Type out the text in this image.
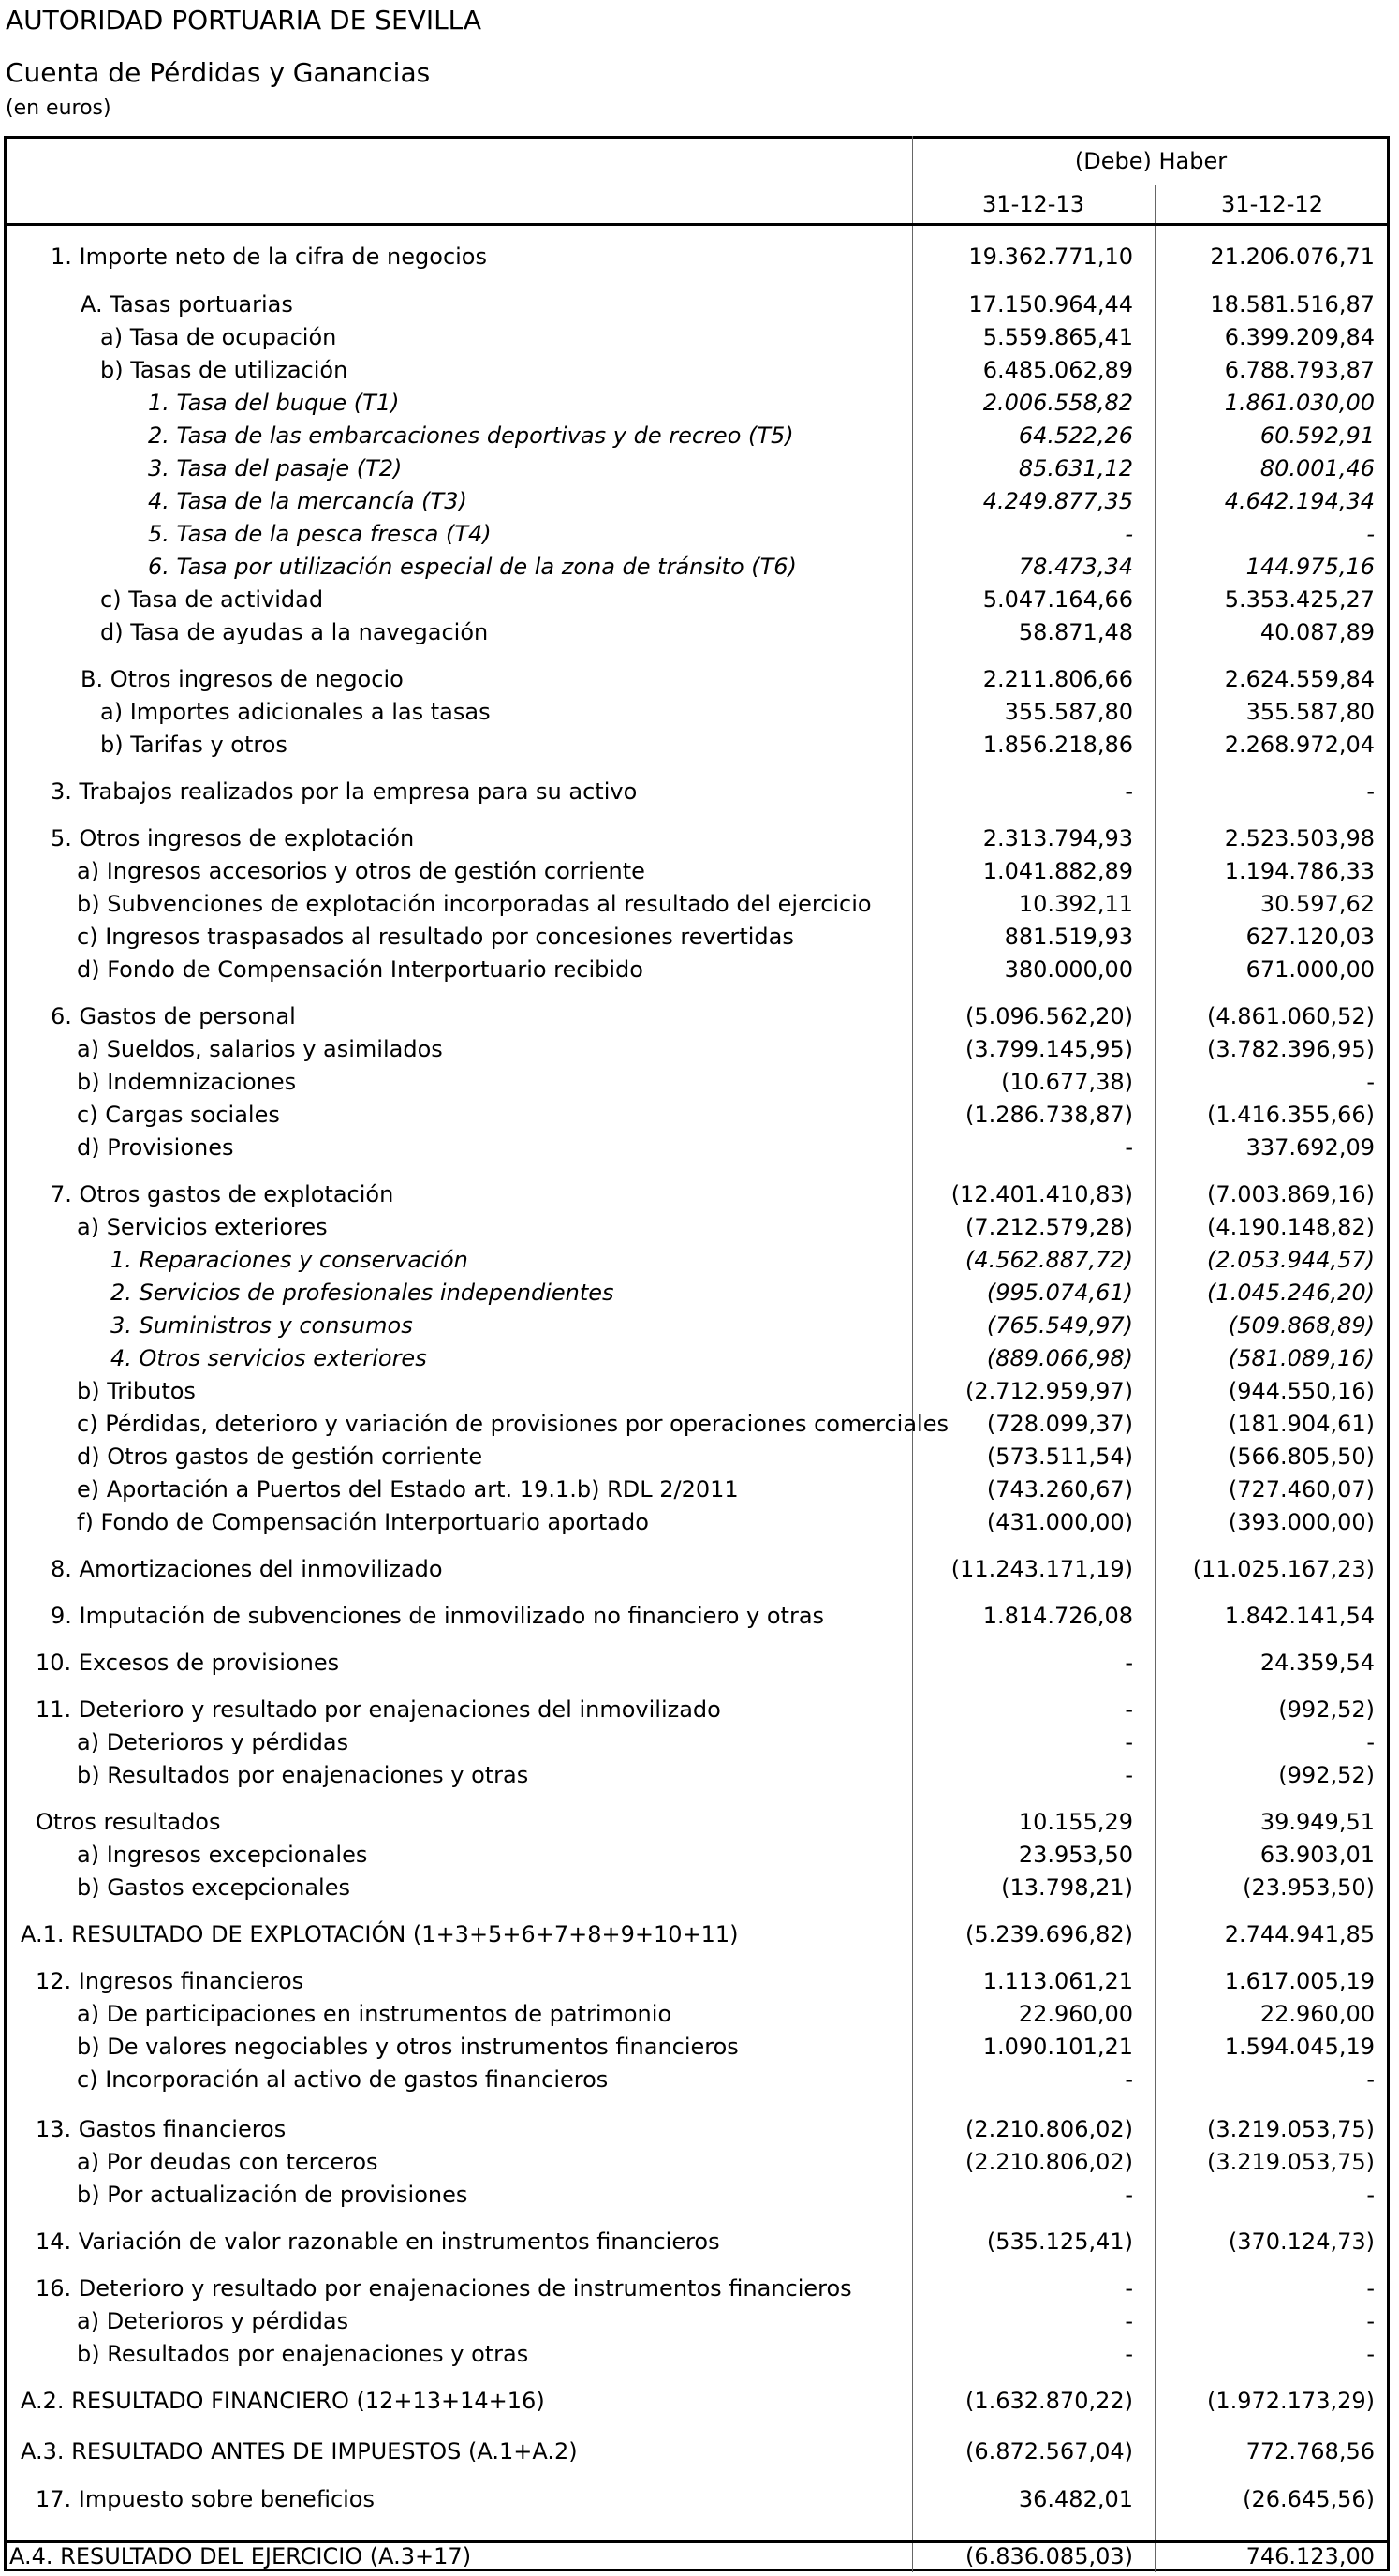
AUTORIDAD PORTUARIA DE SEVILLA
Cuenta de Pérdidas y Ganancias
(en euros)
(Debe) Haber
31-12-13	31-12-12
1. Importe neto de la cifra de negocios	19.362.771,10	21.206.076,71
A. Tasas portuarias	17.150.964,44	18.581.516,87
a) Tasa de ocupación	5.559.865,41	6.399.209,84
b) Tasas de utilización	6.485.062,89	6.788.793,87
1. Tasa del buque (T1)	2.006.558,82	1.861.030,00
2. Tasa de las embarcaciones deportivas y de recreo (T5)	64.522,26	60.592,91
3. Tasa del pasaje (T2)	85.631,12	80.001,46
4. Tasa de la mercancía (T3)	4.249.877,35	4.642.194,34
5. Tasa de la pesca fresca (T4)	-	-
6. Tasa por utilización especial de la zona de tránsito (T6)	78.473,34	144.975,16
c) Tasa de actividad	5.047.164,66	5.353.425,27
d) Tasa de ayudas a la navegación	58.871,48	40.087,89
B. Otros ingresos de negocio	2.211.806,66	2.624.559,84
a) Importes adicionales a las tasas	355.587,80	355.587,80
b) Tarifas y otros	1.856.218,86	2.268.972,04
3. Trabajos realizados por la empresa para su activo	-	-
5. Otros ingresos de explotación	2.313.794,93	2.523.503,98
a) Ingresos accesorios y otros de gestión corriente	1.041.882,89	1.194.786,33
b) Subvenciones de explotación incorporadas al resultado del ejercicio	10.392,11	30.597,62
c) Ingresos traspasados al resultado por concesiones revertidas	881.519,93	627.120,03
d) Fondo de Compensación Interportuario recibido	380.000,00	671.000,00
6. Gastos de personal	(5.096.562,20)	(4.861.060,52)
a) Sueldos, salarios y asimilados	(3.799.145,95)	(3.782.396,95)
b) Indemnizaciones	(10.677,38)	-
c) Cargas sociales	(1.286.738,87)	(1.416.355,66)
d) Provisiones	-	337.692,09
7. Otros gastos de explotación	(12.401.410,83)	(7.003.869,16)
a) Servicios exteriores	(7.212.579,28)	(4.190.148,82)
1. Reparaciones y conservación	(4.562.887,72)	(2.053.944,57)
2. Servicios de profesionales independientes	(995.074,61)	(1.045.246,20)
3. Suministros y consumos	(765.549,97)	(509.868,89)
4. Otros servicios exteriores	(889.066,98)	(581.089,16)
b) Tributos	(2.712.959,97)	(944.550,16)
c) Pérdidas, deterioro y variación de provisiones por operaciones comerciales (728.099,37)	(181.904,61)
d) Otros gastos de gestión corriente	(573.511,54)	(566.805,50)
e) Aportación a Puertos del Estado art. 19.1.b) RDL 2/2011	(743.260,67)	(727.460,07)
f) Fondo de Compensación Interportuario aportado	(431.000,00)	(393.000,00)
8. Amortizaciones del inmovilizado	(11.243.171,19)	(11.025.167,23)
9. Imputación de subvenciones de inmovilizado no financiero y otras	1.814.726,08	1.842.141,54
10. Excesos de provisiones	-	24.359,54
11. Deterioro y resultado por enajenaciones del inmovilizado	-	(992,52)
a) Deterioros y pérdidas	-	-
b) Resultados por enajenaciones y otras	-	(992,52)
Otros resultados	10.155,29	39.949,51
a) Ingresos excepcionales	23.953,50	63.903,01
b) Gastos excepcionales	(13.798,21)	(23.953,50)
A.1. RESULTADO DE EXPLOTACIÓN (1+3+5+6+7+8+9+10+11)	(5.239.696,82)	2.744.941,85
12. Ingresos financieros	1.113.061,21	1.617.005,19
a) De participaciones en instrumentos de patrimonio	22.960,00	22.960,00
b) De valores negociables y otros instrumentos financieros	1.090.101,21	1.594.045,19
c) Incorporación al activo de gastos financieros	-	-
13. Gastos financieros	(2.210.806,02)	(3.219.053,75)
a) Por deudas con terceros	(2.210.806,02)	(3.219.053,75)
b) Por actualización de provisiones	-	-
14. Variación de valor razonable en instrumentos financieros	(535.125,41)	(370.124,73)
16. Deterioro y resultado por enajenaciones de instrumentos financieros	-	-
a) Deterioros y pérdidas	-	-
b) Resultados por enajenaciones y otras	-	-
A.2. RESULTADO FINANCIERO (12+13+14+16)	(1.632.870,22)	(1.972.173,29)
A.3. RESULTADO ANTES DE IMPUESTOS (A.1+A.2)	(6.872.567,04)	772.768,56
17. Impuesto sobre beneficios	36.482,01	(26.645,56)
A.4. RESULTADO DEL EJERCICIO (A.3+17)	(6.836.085,03)	746.123,00
